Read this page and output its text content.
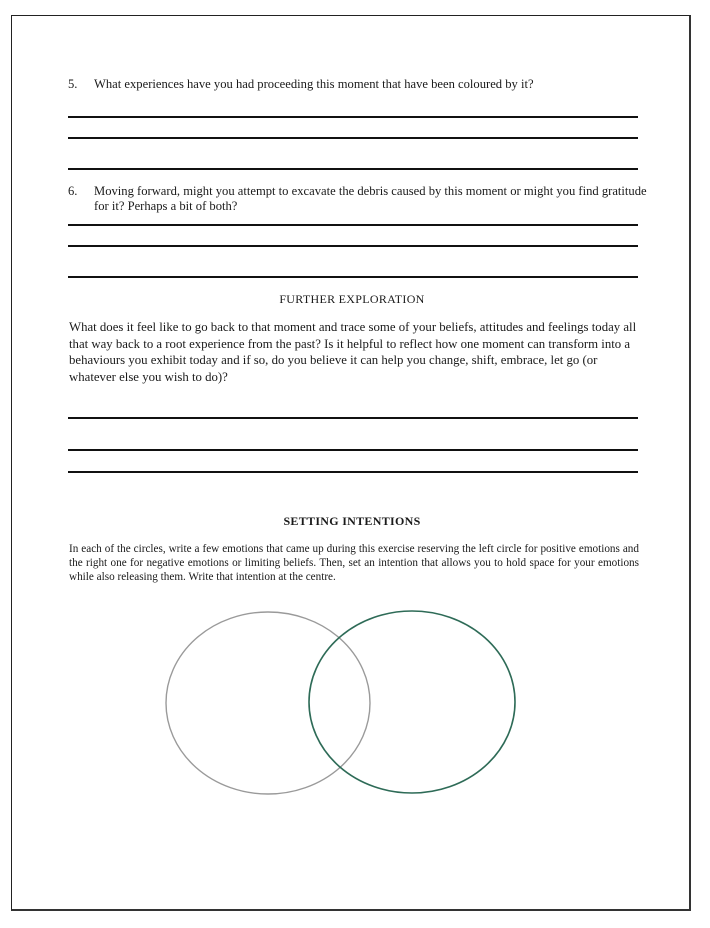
5. What experiences have you had proceeding this moment that have been coloured by it?
6. Moving forward, might you attempt to excavate the debris caused by this moment or might you find gratitude for it? Perhaps a bit of both?
FURTHER EXPLORATION
What does it feel like to go back to that moment and trace some of your beliefs, attitudes and feelings today all that way back to a root experience from the past? Is it helpful to reflect how one moment can transform into a behaviours you exhibit today and if so, do you believe it can help you change, shift, embrace, let go (or whatever else you wish to do)?
SETTING INTENTIONS
In each of the circles, write a few emotions that came up during this exercise reserving the left circle for positive emotions and the right one for negative emotions or limiting beliefs. Then, set an intention that allows you to hold space for your emotions while also releasing them. Write that intention at the centre.
